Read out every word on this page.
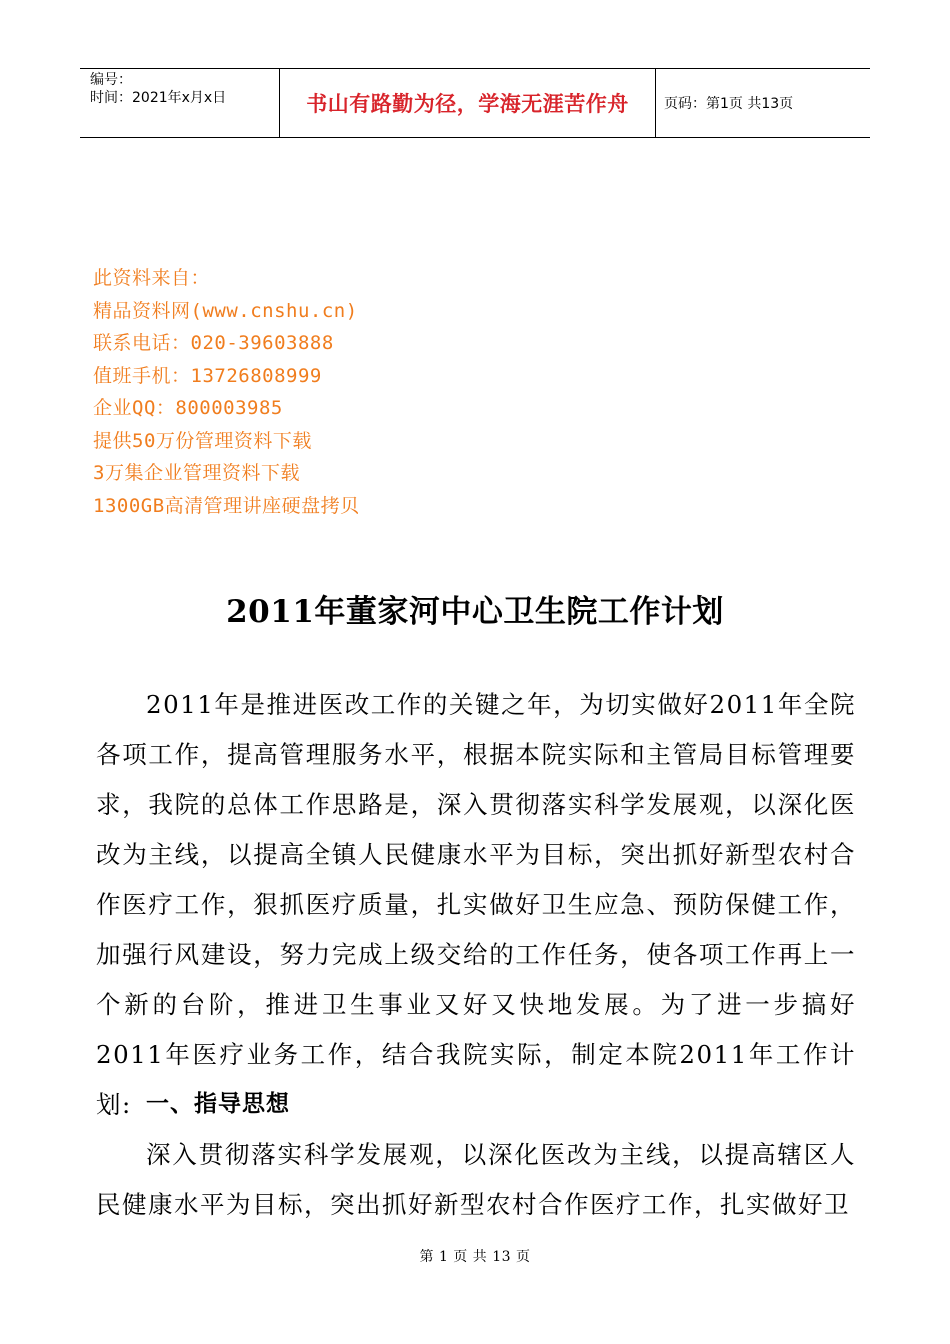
编号：
时间：2021年x月x日	书山有路勤为径，学海无涯苦作舟	页码：第1页 共13页
此资料来自：
精品资料网(www.cnshu.cn)
联系电话：020-39603888
值班手机：13726808999
企业QQ：800003985
提供50万份管理资料下载
3万集企业管理资料下载
1300GB高清管理讲座硬盘拷贝
2011年董家河中心卫生院工作计划
2011年是推进医改工作的关键之年，为切实做好2011年全院各项工作，提高管理服务水平，根据本院实际和主管局目标管理要求，我院的总体工作思路是，深入贯彻落实科学发展观，以深化医改为主线，以提高全镇人民健康水平为目标，突出抓好新型农村合作医疗工作，狠抓医疗质量，扎实做好卫生应急、预防保健工作，加强行风建设，努力完成上级交给的工作任务，使各项工作再上一个新的台阶，推进卫生事业又好又快地发展。为了进一步搞好2011年医疗业务工作，结合我院实际，制定本院2011年工作计划: 一、指导思想
深入贯彻落实科学发展观，以深化医改为主线，以提高辖区人民健康水平为目标，突出抓好新型农村合作医疗工作，扎实做好卫
第 1 页 共 13 页
